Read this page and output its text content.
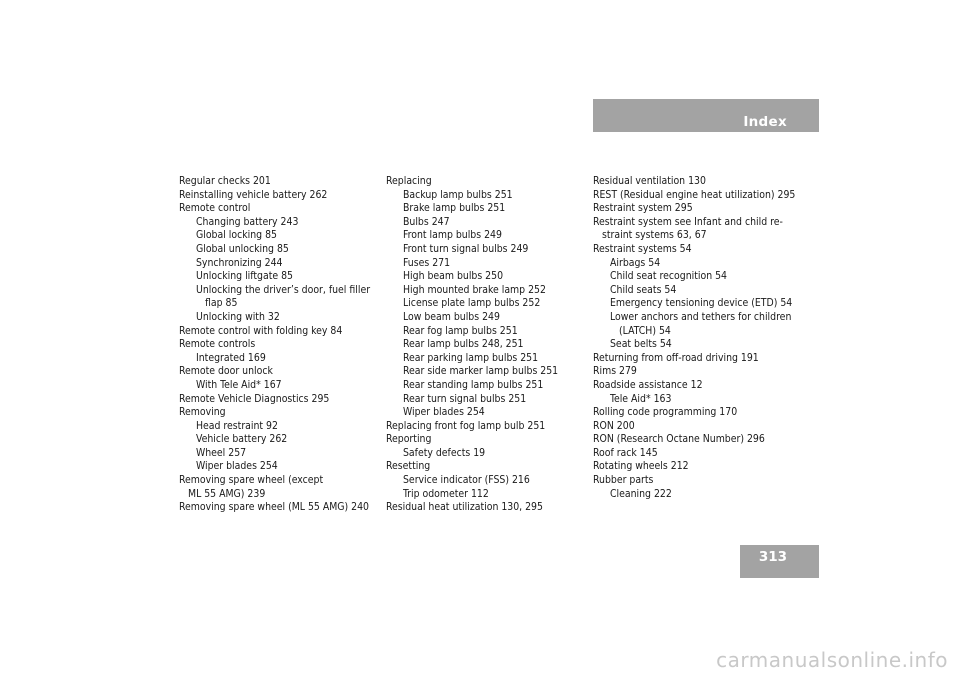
Index
Regular checks 201
Reinstalling vehicle battery 262
Remote control
Changing battery 243
Global locking 85
Global unlocking 85
Synchronizing 244
Unlocking liftgate 85
Unlocking the driver’s door, fuel filler
flap 85
Unlocking with 32
Remote control with folding key 84
Remote controls
Integrated 169
Remote door unlock
With Tele Aid* 167
Remote Vehicle Diagnostics 295
Removing
Head restraint 92
Vehicle battery 262
Wheel 257
Wiper blades 254
Removing spare wheel (except
ML 55 AMG) 239
Removing spare wheel (ML 55 AMG) 240
Replacing
Backup lamp bulbs 251
Brake lamp bulbs 251
Bulbs 247
Front lamp bulbs 249
Front turn signal bulbs 249
Fuses 271
High beam bulbs 250
High mounted brake lamp 252
License plate lamp bulbs 252
Low beam bulbs 249
Rear fog lamp bulbs 251
Rear lamp bulbs 248, 251
Rear parking lamp bulbs 251
Rear side marker lamp bulbs 251
Rear standing lamp bulbs 251
Rear turn signal bulbs 251
Wiper blades 254
Replacing front fog lamp bulb 251
Reporting
Safety defects 19
Resetting
Service indicator (FSS) 216
Trip odometer 112
Residual heat utilization 130, 295
Residual ventilation 130
REST (Residual engine heat utilization) 295
Restraint system 295
Restraint system see Infant and child re-
straint systems 63, 67
Restraint systems 54
Airbags 54
Child seat recognition 54
Child seats 54
Emergency tensioning device (ETD) 54
Lower anchors and tethers for children
(LATCH) 54
Seat belts 54
Returning from off-road driving 191
Rims 279
Roadside assistance 12
Tele Aid* 163
Rolling code programming 170
RON 200
RON (Research Octane Number) 296
Roof rack 145
Rotating wheels 212
Rubber parts
Cleaning 222
313
carmanualsonline.info
